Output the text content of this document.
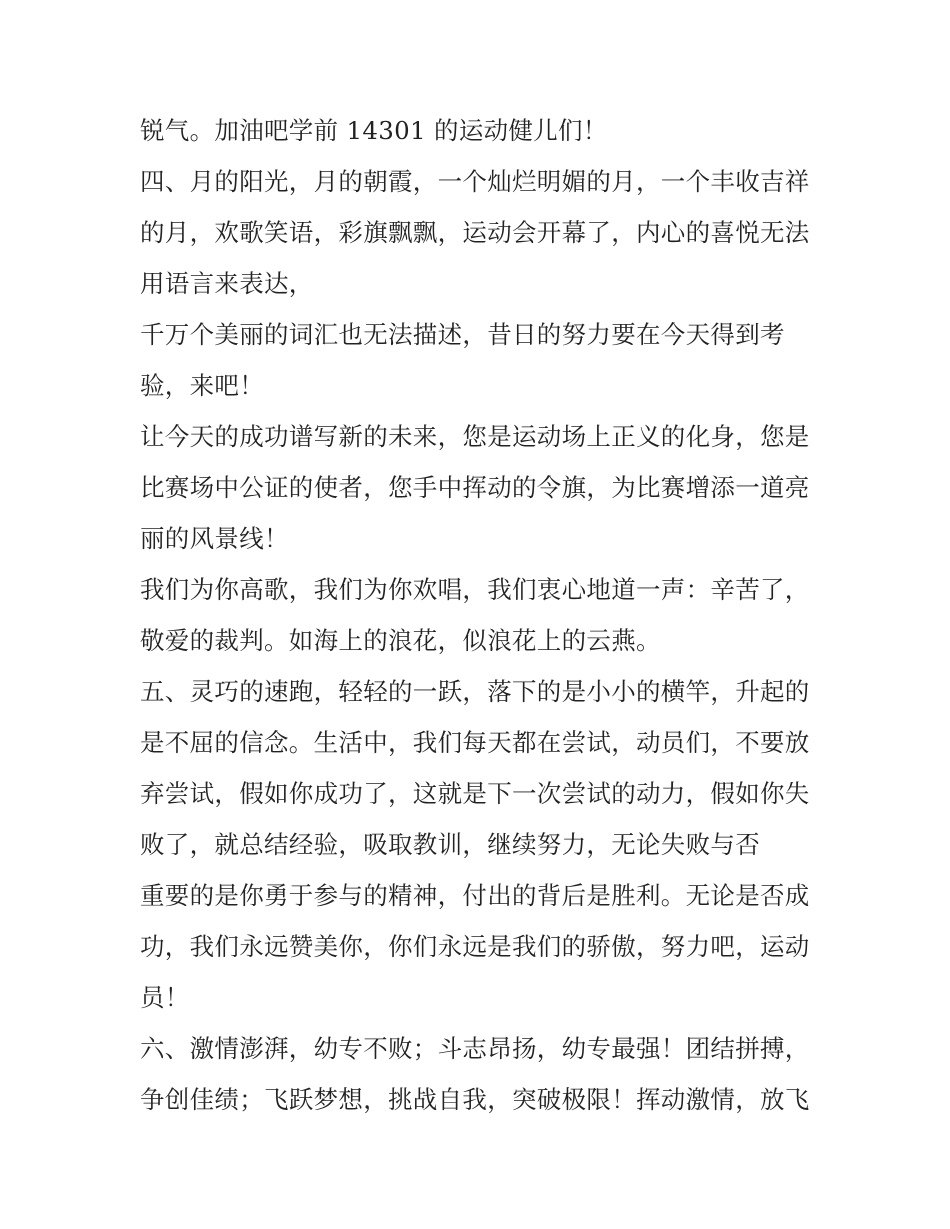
锐气。加油吧学前 14301 的运动健儿们！
四、月的阳光，月的朝霞，一个灿烂明媚的月，一个丰收吉祥
的月，欢歌笑语，彩旗飘飘，运动会开幕了，内心的喜悦无法
用语言来表达，
千万个美丽的词汇也无法描述，昔日的努力要在今天得到考
验，来吧！
让今天的成功谱写新的未来，您是运动场上正义的化身，您是
比赛场中公证的使者，您手中挥动的令旗，为比赛增添一道亮
丽的风景线！
我们为你高歌，我们为你欢唱，我们衷心地道一声：辛苦了，
敬爱的裁判。如海上的浪花，似浪花上的云燕。
五、灵巧的速跑，轻轻的一跃，落下的是小小的横竿，升起的
是不屈的信念。生活中，我们每天都在尝试，动员们，不要放
弃尝试，假如你成功了，这就是下一次尝试的动力，假如你失
败了，就总结经验，吸取教训，继续努力，无论失败与否
重要的是你勇于参与的精神，付出的背后是胜利。无论是否成
功，我们永远赞美你，你们永远是我们的骄傲，努力吧，运动
员！
六、激情澎湃，幼专不败；斗志昂扬，幼专最强！团结拼搏，
争创佳绩；飞跃梦想，挑战自我，突破极限！挥动激情，放飞
